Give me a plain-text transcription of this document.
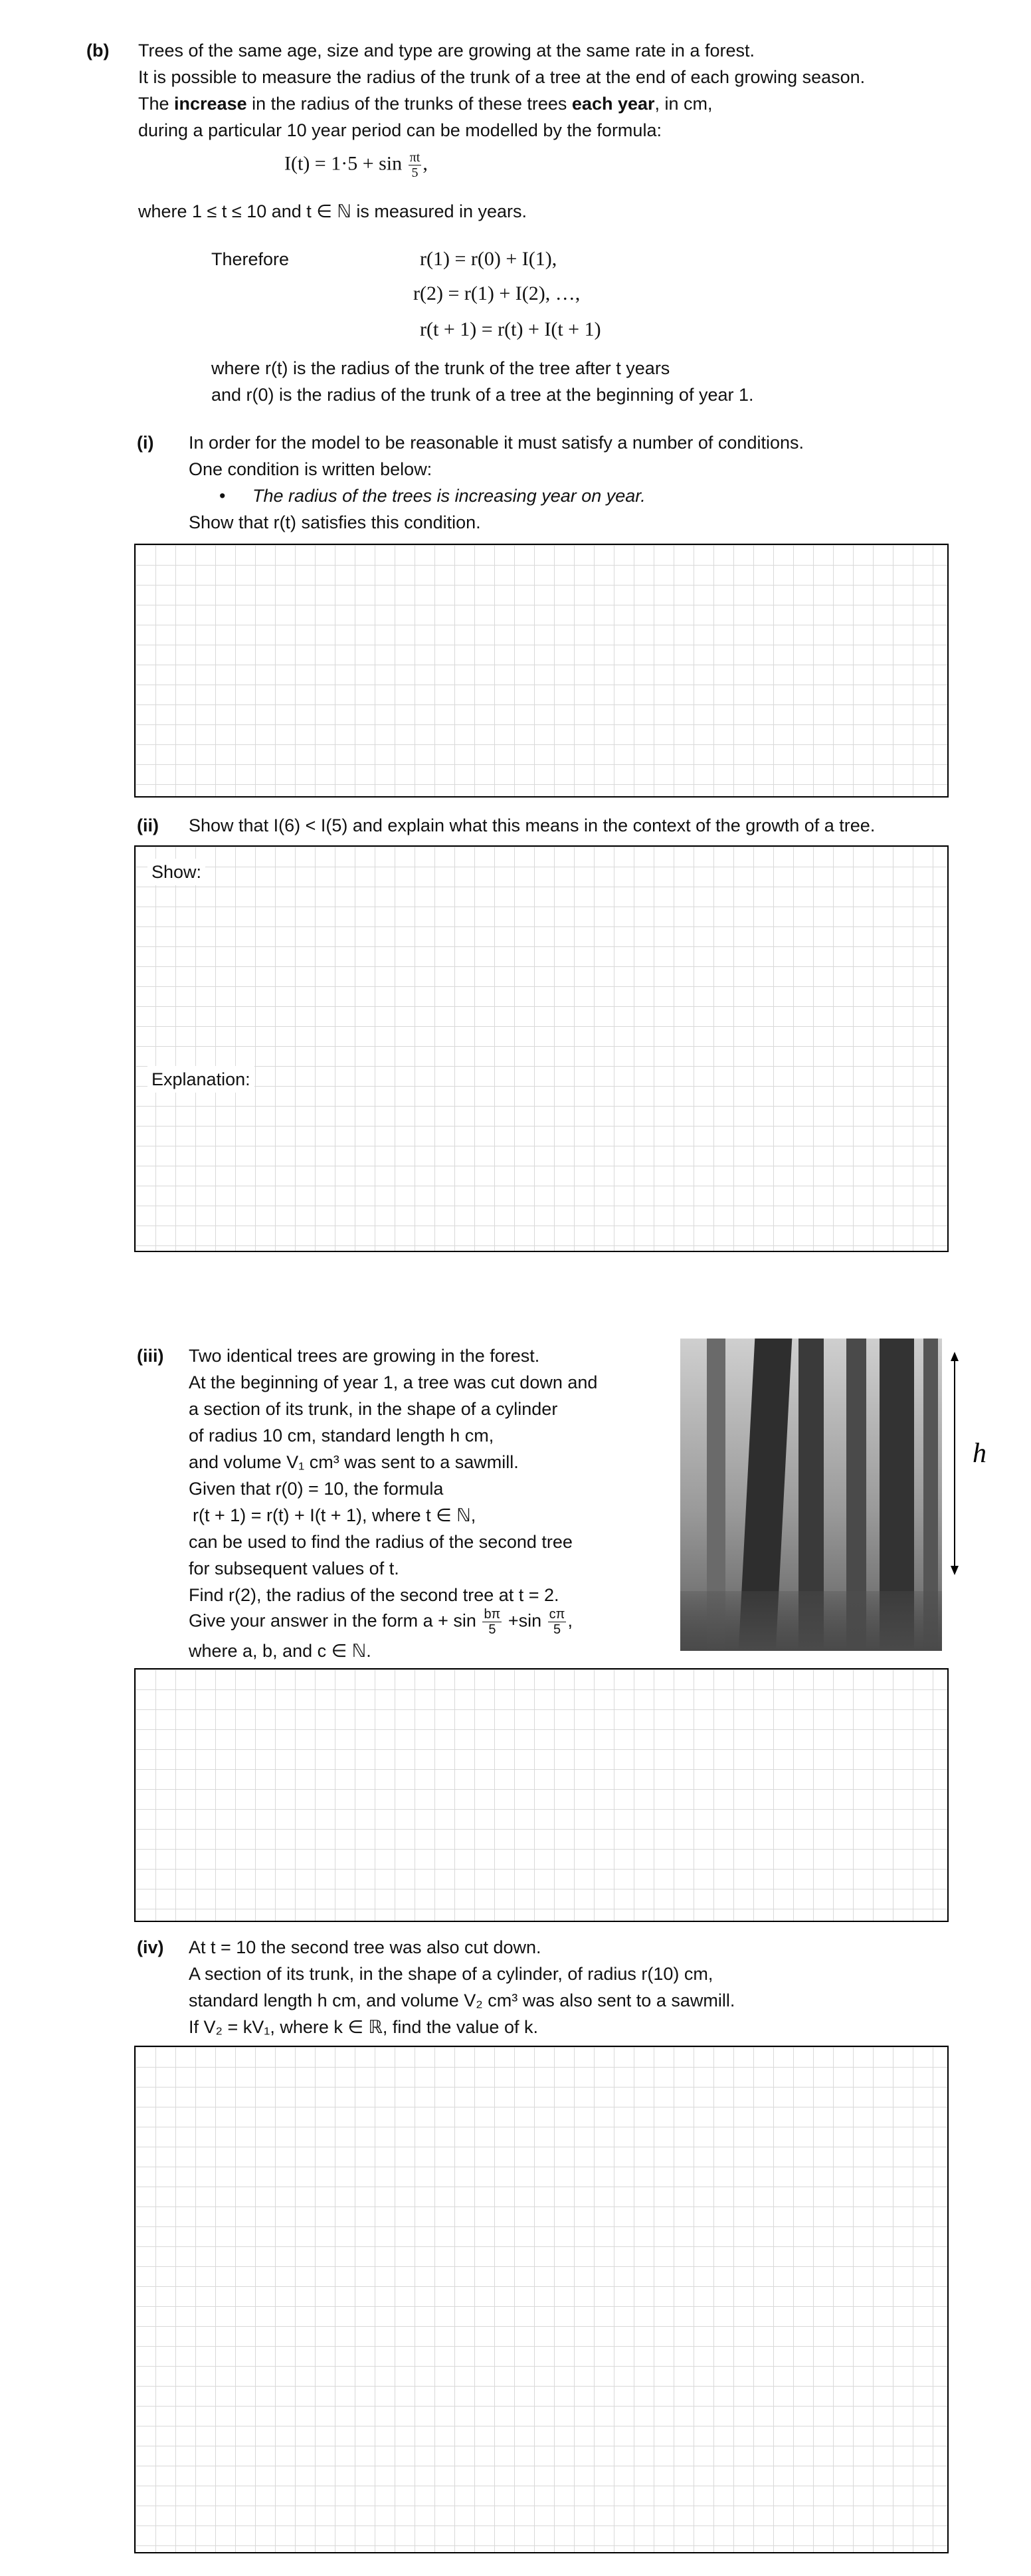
(b) Trees of the same age, size and type are growing at the same rate in a forest.
It is possible to measure the radius of the trunk of a tree at the end of each growing season.
The increase in the radius of the trunks of these trees each year, in cm,
during a particular 10 year period can be modelled by the formula:
$I(t) = 1\cdot 5 + \sin \frac{\pi t}{5}$ ,
where 1 ≤ t ≤ 10 and t ∈ ℕ is measured in years.
Therefore	r(1) = r(0) + I(1),
r(2) = r(1) + I(2), …,
r(t + 1) = r(t) + I(t + 1)
where r(t) is the radius of the trunk of the tree after t years
and r(0) is the radius of the trunk of a tree at the beginning of year 1.
(i) In order for the model to be reasonable it must satisfy a number of conditions.
One condition is written below:
• The radius of the trees is increasing year on year.
Show that r(t) satisfies this condition.
(ii) Show that I(6) < I(5) and explain what this means in the context of the growth of a tree.
Show:
Explanation:
(iii) Two identical trees are growing in the forest.
At the beginning of year 1, a tree was cut down and
a section of its trunk, in the shape of a cylinder
of radius 10 cm, standard length h cm,
and volume V₁ cm³ was sent to a sawmill.
Given that r(0) = 10, the formula
r(t + 1) = r(t) + I(t + 1), where t ∈ ℕ,
can be used to find the radius of the second tree
for subsequent values of t.
Find r(2), the radius of the second tree at t = 2.
Give your answer in the form $a + \sin \frac{b\pi}{5} +\sin \frac{c\pi}{5}$ ,
where a, b, and c ∈ ℕ.
h
(iv) At t = 10 the second tree was also cut down.
A section of its trunk, in the shape of a cylinder, of radius r(10) cm,
standard length h cm, and volume V₂ cm³ was also sent to a sawmill.
If V₂ = kV₁, where k ∈ ℝ, find the value of k.
